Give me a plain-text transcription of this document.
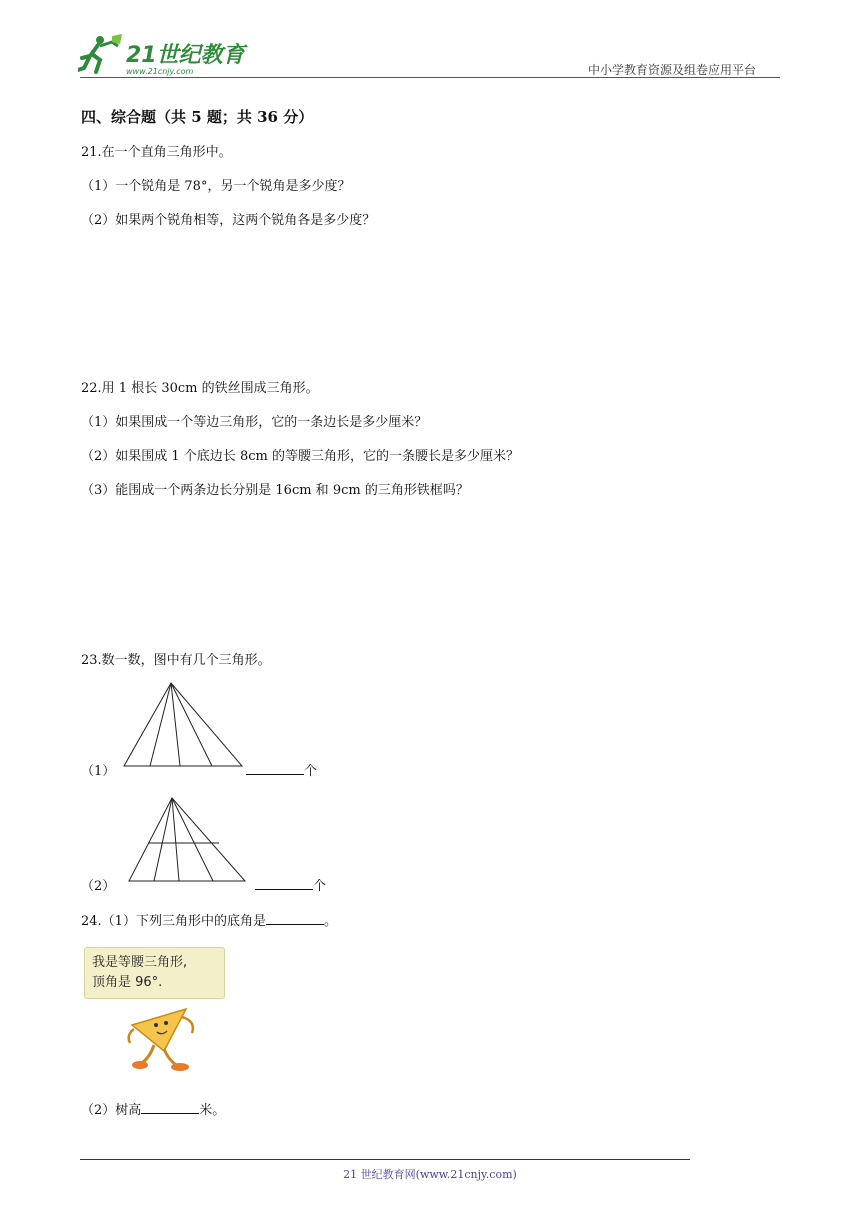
21世纪教育
www.21cnjy.com	中小学教育资源及组卷应用平台
四、综合题（共 5 题；共 36 分）
21.在一个直角三角形中。
（1）一个锐角是 78°，另一个锐角是多少度？
（2）如果两个锐角相等，这两个锐角各是多少度？
22.用 1 根长 30cm 的铁丝围成三角形。
（1）如果围成一个等边三角形，它的一条边长是多少厘米？
（2）如果围成 1 个底边长 8cm 的等腰三角形，它的一条腰长是多少厘米？
（3）能围成一个两条边长分别是 16cm 和 9cm 的三角形铁框吗？
23.数一数，图中有几个三角形。
（1）	个
（2）	个
24.（1）下列三角形中的底角是	。
我是等腰三角形,
顶角是 96°.
（2）树高	米。
21 世纪教育网(www.21cnjy.com)
